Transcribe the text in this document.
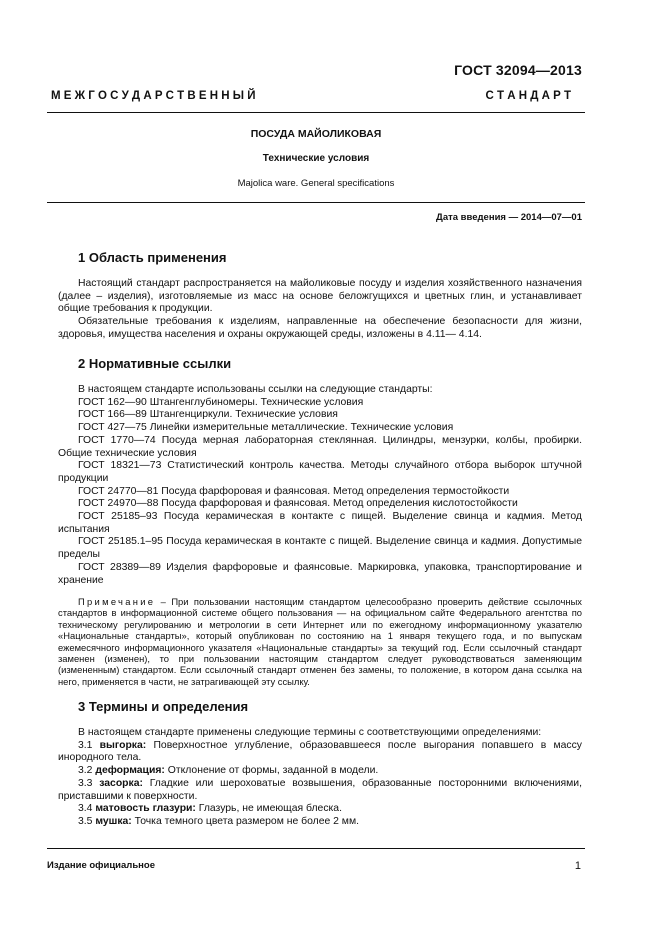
ГОСТ 32094—2013
М Е Ж Г О С У Д А Р С Т В Е Н Н Ы Й	С Т А Н Д А Р Т
ПОСУДА МАЙОЛИКОВАЯ
Технические условия
Majolica ware. General specifications
Дата введения — 2014—07—01
1 Область применения

Настоящий стандарт распространяется на майоликовые посуду и изделия хозяйственного назначения (далее – изделия), изготовляемые из масс на основе беложгущихся и цветных глин, и устанавливает общие требования к продукции.

Обязательные требования к изделиям, направленные на обеспечение безопасности для жизни, здоровья, имущества населения и охраны окружающей среды, изложены в 4.11— 4.14.

2 Нормативные ссылки

В настоящем стандарте использованы ссылки на следующие стандарты:

ГОСТ 162—90 Штангенглубиномеры. Технические условия

ГОСТ 166—89 Штангенциркули. Технические условия

ГОСТ 427—75 Линейки измерительные металлические. Технические условия

ГОСТ 1770—74 Посуда мерная лабораторная стеклянная. Цилиндры, мензурки, колбы, пробирки. Общие технические условия

ГОСТ 18321—73 Статистический контроль качества. Методы случайного отбора выборок штучной продукции

ГОСТ 24770—81 Посуда фарфоровая и фаянсовая. Метод определения термостойкости

ГОСТ 24970—88 Посуда фарфоровая и фаянсовая. Метод определения кислотостойкости

ГОСТ 25185–93 Посуда керамическая в контакте с пищей. Выделение свинца и кадмия. Метод испытания

ГОСТ 25185.1–95 Посуда керамическая в контакте с пищей. Выделение свинца и кадмия. Допустимые пределы

ГОСТ 28389—89 Изделия фарфоровые и фаянсовые. Маркировка, упаковка, транспортирование и хранение

Примечание – При пользовании настоящим стандартом целесообразно проверить действие ссылочных стандартов в информационной системе общего пользования — на официальном сайте Федерального агентства по техническому регулированию и метрологии в сети Интернет или по ежегодному информационному указателю «Национальные стандарты», который опубликован по состоянию на 1 января текущего года, и по выпускам ежемесячного информационного указателя «Национальные стандарты» за текущий год. Если ссылочный стандарт заменен (изменен), то при пользовании настоящим стандартом следует руководствоваться заменяющим (измененным) стандартом. Если ссылочный стандарт отменен без замены, то положение, в котором дана ссылка на него, применяется в части, не затрагивающей эту ссылку.

3 Термины и определения

В настоящем стандарте применены следующие термины с соответствующими определениями:

3.1 выгорка: Поверхностное углубление, образовавшееся после выгорания попавшего в массу инородного тела.

3.2 деформация: Отклонение от формы, заданной в модели.

3.3 засорка: Гладкие или шероховатые возвышения, образованные посторонними включениями, приставшими к поверхности.

3.4 матовость глазури: Глазурь, не имеющая блеска.

3.5 мушка: Точка темного цвета размером не более 2 мм.

Издание официальное	1
